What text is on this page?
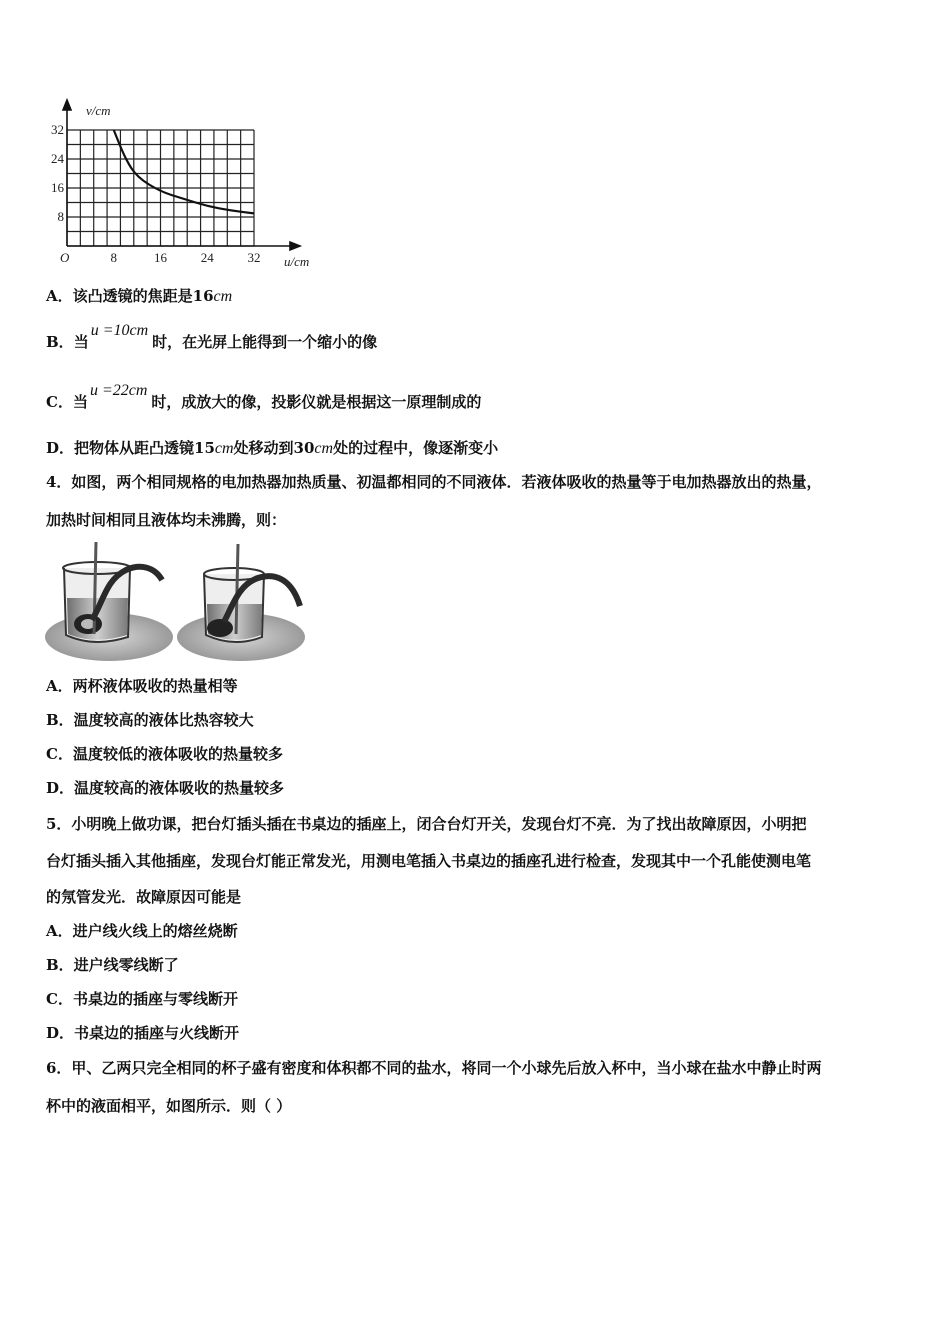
8	16	24	32
8
16
24
32
v/cm
u/cm
O
A．该凸透镜的焦距是16cm
B．当u =10cm时，在光屏上能得到一个缩小的像
C．当u =22cm时，成放大的像，投影仪就是根据这一原理制成的
D．把物体从距凸透镜15cm处移动到30cm处的过程中，像逐渐变小
4．如图，两个相同规格的电加热器加热质量、初温都相同的不同液体．若液体吸收的热量等于电加热器放出的热量，
加热时间相同且液体均未沸腾，则：
A．两杯液体吸收的热量相等
B．温度较高的液体比热容较大
C．温度较低的液体吸收的热量较多
D．温度较高的液体吸收的热量较多
5．小明晚上做功课，把台灯插头插在书桌边的插座上，闭合台灯开关，发现台灯不亮．为了找出故障原因，小明把
台灯插头插入其他插座，发现台灯能正常发光，用测电笔插入书桌边的插座孔进行检查，发现其中一个孔能使测电笔
的氖管发光．故障原因可能是
A．进户线火线上的熔丝烧断
B．进户线零线断了
C．书桌边的插座与零线断开
D．书桌边的插座与火线断开
6．甲、乙两只完全相同的杯子盛有密度和体积都不同的盐水，将同一个小球先后放入杯中，当小球在盐水中静止时两
杯中的液面相平，如图所示．则（ ）
